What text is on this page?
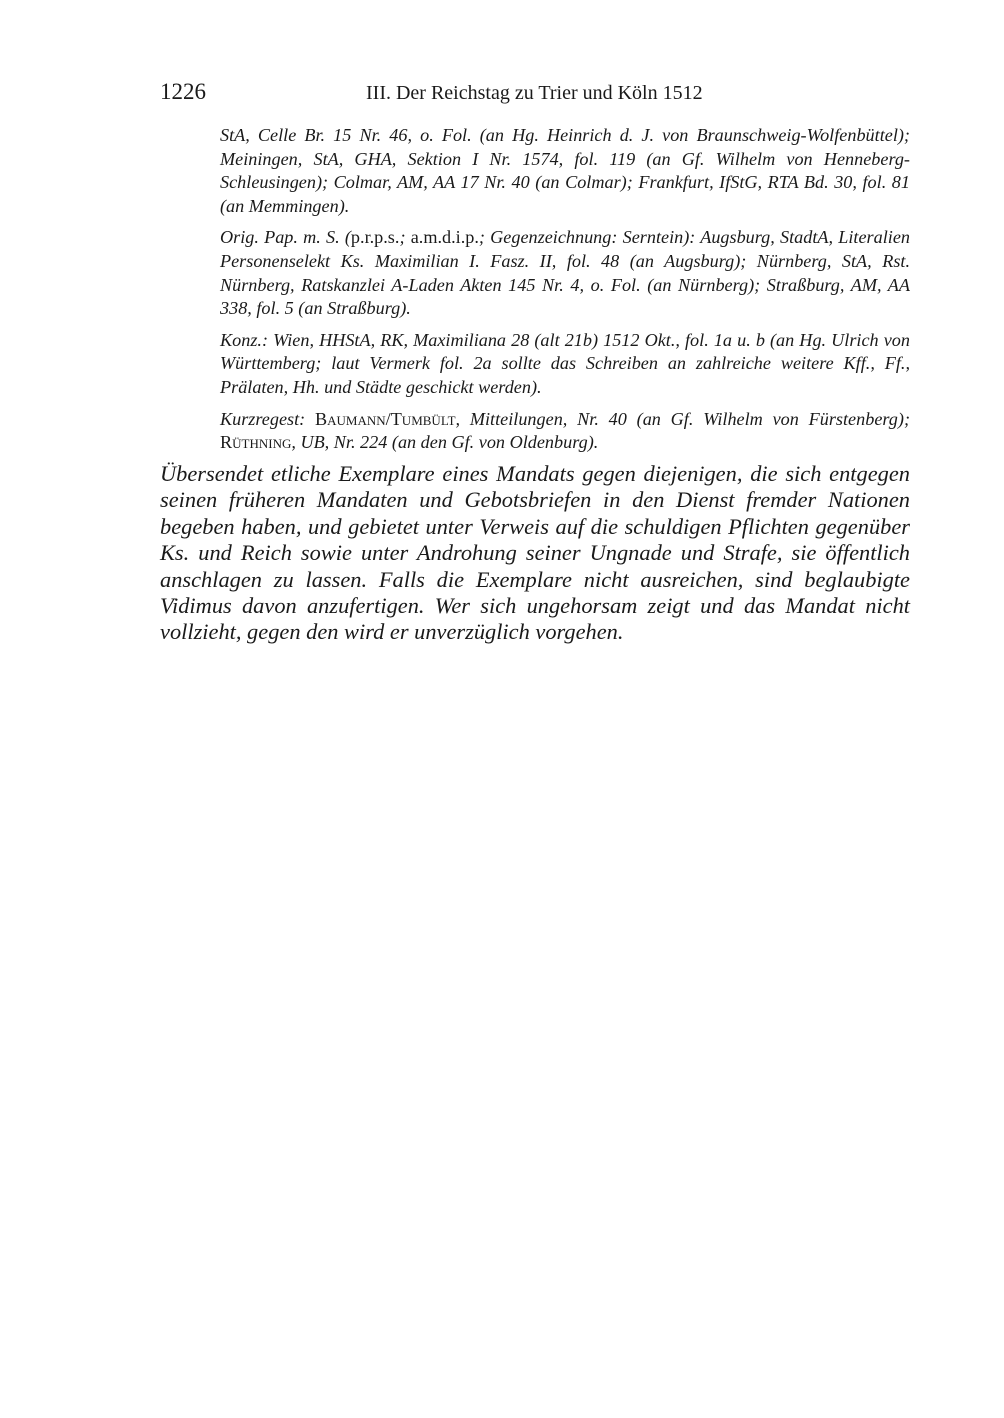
1226	III. Der Reichstag zu Trier und Köln 1512

StA, Celle Br. 15 Nr. 46, o. Fol. (an Hg. Heinrich d. J. von Braunschweig-Wolfenbüttel); Meiningen, StA, GHA, Sektion I Nr. 1574, fol. 119 (an Gf. Wilhelm von Henneberg-Schleusingen); Colmar, AM, AA 17 Nr. 40 (an Colmar); Frankfurt, IfStG, RTA Bd. 30, fol. 81 (an Memmingen).

Orig. Pap. m. S. (p.r.p.s.; a.m.d.i.p.; Gegenzeichnung: Serntein): Augsburg, StadtA, Literalien Personenselekt Ks. Maximilian I. Fasz. II, fol. 48 (an Augsburg); Nürnberg, StA, Rst. Nürnberg, Ratskanzlei A-Laden Akten 145 Nr. 4, o. Fol. (an Nürnberg); Straßburg, AM, AA 338, fol. 5 (an Straßburg).

Konz.: Wien, HHStA, RK, Maximiliana 28 (alt 21b) 1512 Okt., fol. 1a u. b (an Hg. Ulrich von Württemberg; laut Vermerk fol. 2a sollte das Schreiben an zahlreiche weitere Kff., Ff., Prälaten, Hh. und Städte geschickt werden).

Kurzregest: Baumann/Tumbült, Mitteilungen, Nr. 40 (an Gf. Wilhelm von Fürstenberg); Rüthning, UB, Nr. 224 (an den Gf. von Oldenburg).

Übersendet etliche Exemplare eines Mandats gegen diejenigen, die sich entgegen seinen früheren Mandaten und Gebotsbriefen in den Dienst fremder Nationen begeben haben, und gebietet unter Verweis auf die schuldigen Pflichten gegenüber Ks. und Reich sowie unter Androhung seiner Ungnade und Strafe, sie öffentlich anschlagen zu lassen. Falls die Exemplare nicht ausreichen, sind beglaubigte Vidimus davon anzufertigen. Wer sich ungehorsam zeigt und das Mandat nicht vollzieht, gegen den wird er unverzüglich vorgehen.
